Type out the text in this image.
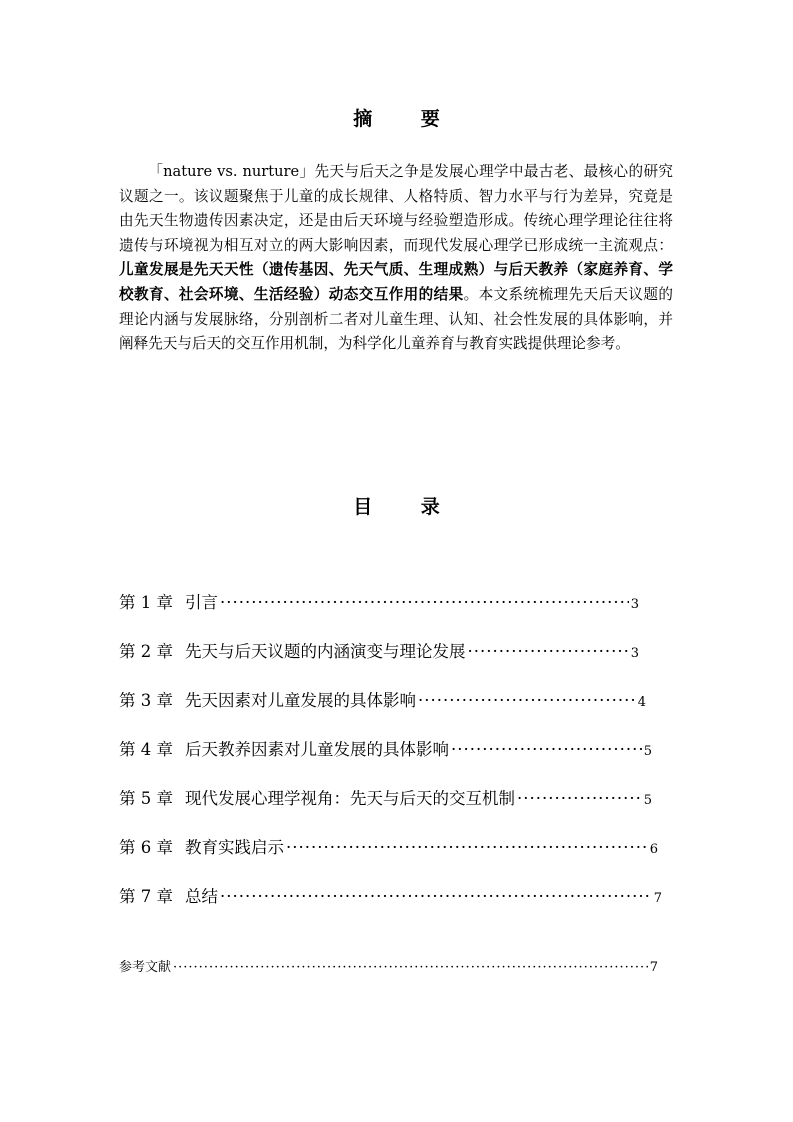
摘 要
「nature vs. nurture」先天与后天之争是发展心理学中最古老、最核心的研究议题之一。该议题聚焦于儿童的成长规律、人格特质、智力水平与行为差异，究竟是由先天生物遗传因素决定，还是由后天环境与经验塑造形成。传统心理学理论往往将遗传与环境视为相互对立的两大影响因素，而现代发展心理学已形成统一主流观点：儿童发展是先天天性（遗传基因、先天气质、生理成熟）与后天教养（家庭养育、学校教育、社会环境、生活经验）动态交互作用的结果。本文系统梳理先天后天议题的理论内涵与发展脉络，分别剖析二者对儿童生理、认知、社会性发展的具体影响，并阐释先天与后天的交互作用机制，为科学化儿童养育与教育实践提供理论参考。
目 录
第 1 章 引言 ·····	3
第 2 章 先天与后天议题的内涵演变与理论发展 ·····	3
第 3 章 先天因素对儿童发展的具体影响 ·····	4
第 4 章 后天教养因素对儿童发展的具体影响 ·····	5
第 5 章 现代发展心理学视角：先天与后天的交互机制 ·····	5
第 6 章 教育实践启示 ·····	6
第 7 章 总结 ·····	7
参考文献 ·····	7
